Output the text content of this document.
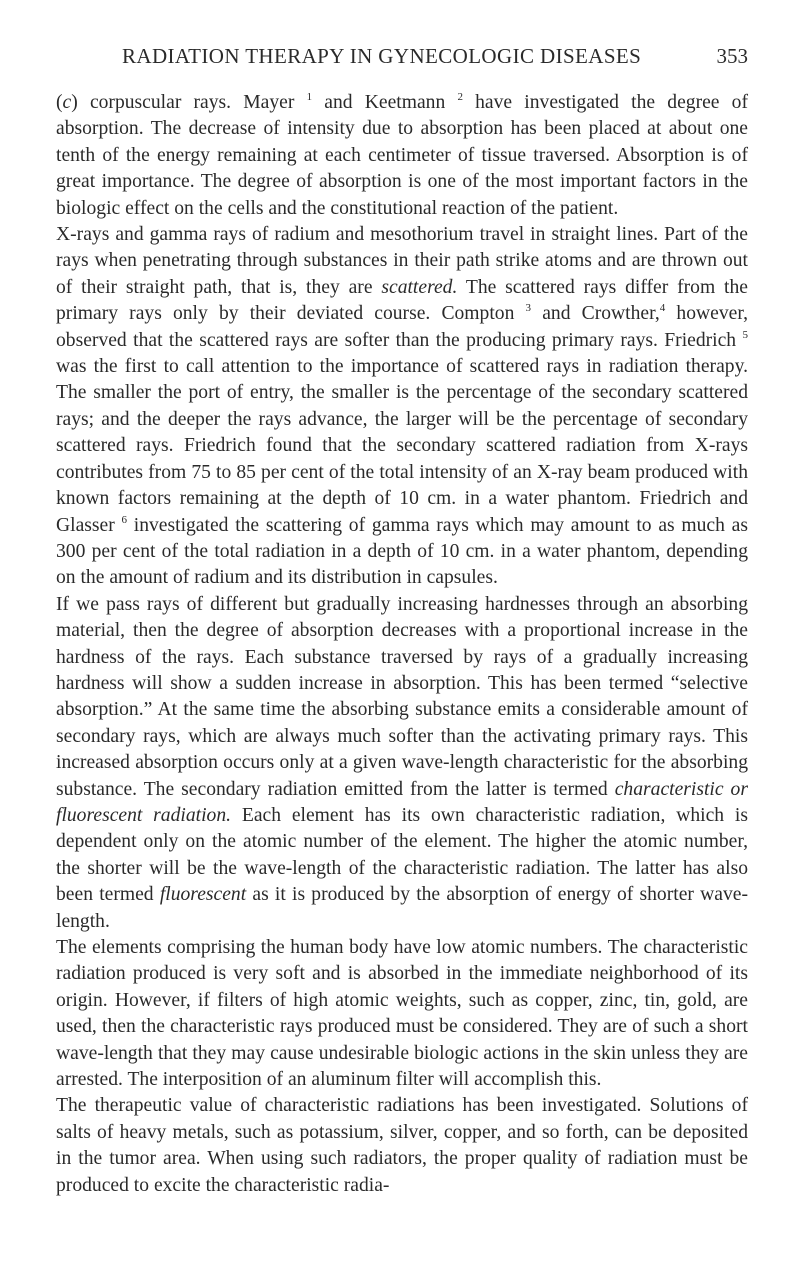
RADIATION THERAPY IN GYNECOLOGIC DISEASES	353

(c) corpuscular rays. Mayer $^1$ and Keetmann $^2$ have investigated the degree of absorption. The decrease of intensity due to absorption has been placed at about one tenth of the energy remaining at each centimeter of tissue traversed. Absorption is of great importance. The degree of absorption is one of the most important factors in the biologic effect on the cells and the constitutional reaction of the patient.

X-rays and gamma rays of radium and mesothorium travel in straight lines. Part of the rays when penetrating through substances in their path strike atoms and are thrown out of their straight path, that is, they are scattered. The scattered rays differ from the primary rays only by their deviated course. Compton $^3$ and Crowther,$^4$ however, observed that the scattered rays are softer than the producing primary rays. Friedrich $^5$ was the first to call attention to the importance of scattered rays in radiation therapy. The smaller the port of entry, the smaller is the percentage of the secondary scattered rays; and the deeper the rays advance, the larger will be the percentage of secondary scattered rays. Friedrich found that the secondary scattered radiation from X-rays contributes from 75 to 85 per cent of the total intensity of an X-ray beam produced with known factors remaining at the depth of 10 cm. in a water phantom. Friedrich and Glasser $^6$ investigated the scattering of gamma rays which may amount to as much as 300 per cent of the total radiation in a depth of 10 cm. in a water phantom, depending on the amount of radium and its distribution in capsules.

If we pass rays of different but gradually increasing hardnesses through an absorbing material, then the degree of absorption decreases with a proportional increase in the hardness of the rays. Each substance traversed by rays of a gradually increasing hardness will show a sudden increase in absorption. This has been termed “selective absorption.” At the same time the absorbing substance emits a considerable amount of secondary rays, which are always much softer than the activating primary rays. This increased absorption occurs only at a given wave-length characteristic for the absorbing substance. The secondary radiation emitted from the latter is termed characteristic or fluorescent radiation. Each element has its own characteristic radiation, which is dependent only on the atomic number of the element. The higher the atomic number, the shorter will be the wave-length of the characteristic radiation. The latter has also been termed fluorescent as it is produced by the absorption of energy of shorter wave-length.

The elements comprising the human body have low atomic numbers. The characteristic radiation produced is very soft and is absorbed in the immediate neighborhood of its origin. However, if filters of high atomic weights, such as copper, zinc, tin, gold, are used, then the characteristic rays produced must be considered. They are of such a short wave-length that they may cause undesirable biologic actions in the skin unless they are arrested. The interposition of an aluminum filter will accomplish this.

The therapeutic value of characteristic radiations has been investigated. Solutions of salts of heavy metals, such as potassium, silver, copper, and so forth, can be deposited in the tumor area. When using such radiators, the proper quality of radiation must be produced to excite the characteristic radia-
